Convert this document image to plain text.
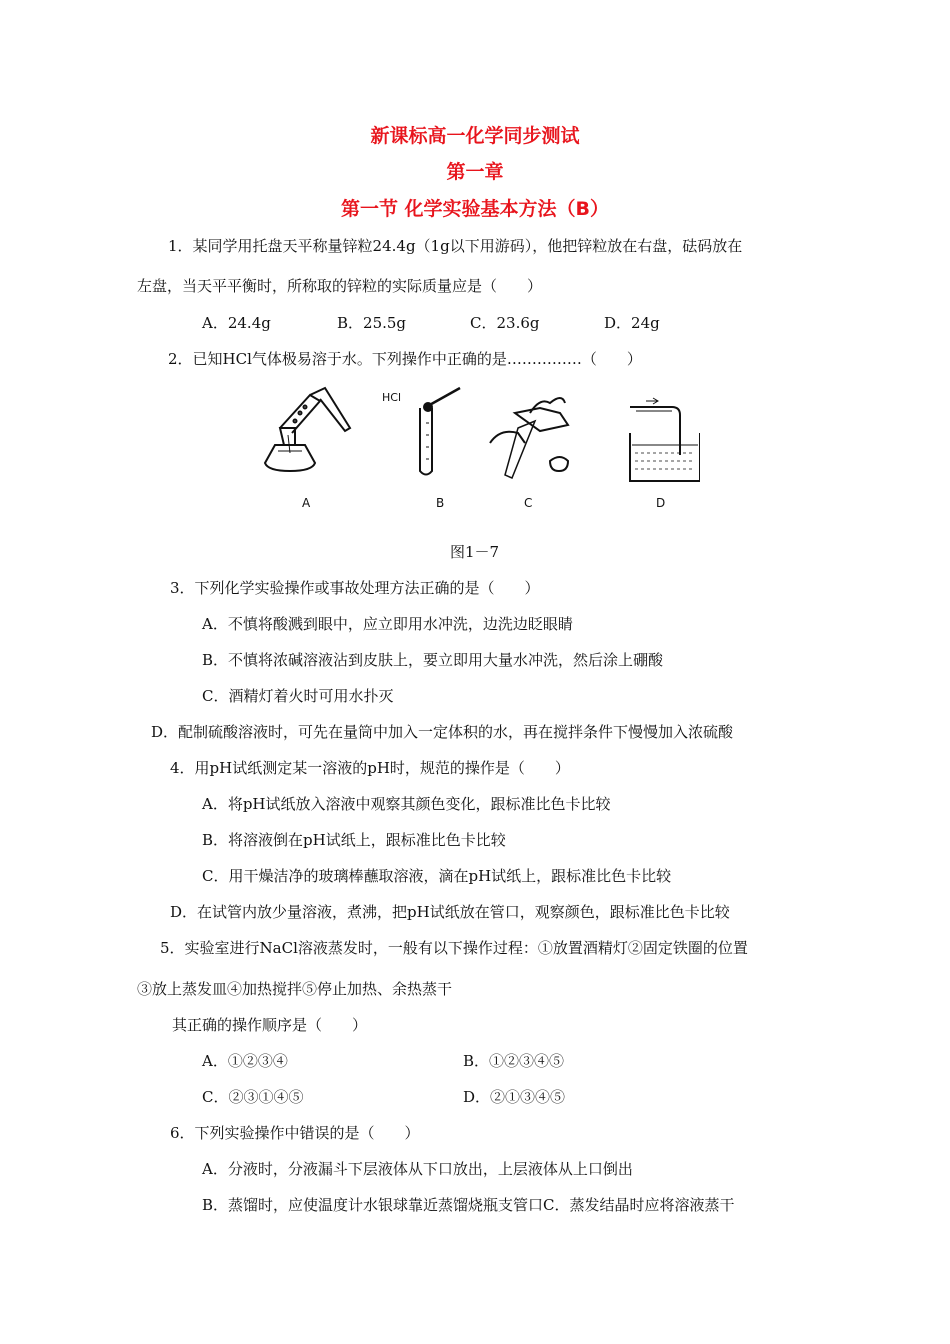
新课标高一化学同步测试
第一章
第一节 化学实验基本方法（B）
1．某同学用托盘天平称量锌粒24.4g（1g以下用游码），他把锌粒放在右盘，砝码放在
左盘，当天平平衡时，所称取的锌粒的实际质量应是（　　）
A．24.4g	B．25.5g	C．23.6g	D．24g
2．已知HCl气体极易溶于水。下列操作中正确的是……………（　　）
HCl
A	B	C	D
图1－7
3．下列化学实验操作或事故处理方法正确的是（　　）
A．不慎将酸溅到眼中，应立即用水冲洗，边洗边眨眼睛
B．不慎将浓碱溶液沾到皮肤上，要立即用大量水冲洗，然后涂上硼酸
C．酒精灯着火时可用水扑灭
D．配制硫酸溶液时，可先在量筒中加入一定体积的水，再在搅拌条件下慢慢加入浓硫酸
4．用pH试纸测定某一溶液的pH时，规范的操作是（　　）
A．将pH试纸放入溶液中观察其颜色变化，跟标准比色卡比较
B．将溶液倒在pH试纸上，跟标准比色卡比较
C．用干燥洁净的玻璃棒蘸取溶液，滴在pH试纸上，跟标准比色卡比较
D．在试管内放少量溶液，煮沸，把pH试纸放在管口，观察颜色，跟标准比色卡比较
5．实验室进行NaCl溶液蒸发时，一般有以下操作过程：①放置酒精灯②固定铁圈的位置
③放上蒸发皿④加热搅拌⑤停止加热、余热蒸干
其正确的操作顺序是（　　）
A．①②③④	B．①②③④⑤
C．②③①④⑤	D．②①③④⑤
6．下列实验操作中错误的是（　　）
A．分液时，分液漏斗下层液体从下口放出，上层液体从上口倒出
B．蒸馏时，应使温度计水银球靠近蒸馏烧瓶支管口C．蒸发结晶时应将溶液蒸干
